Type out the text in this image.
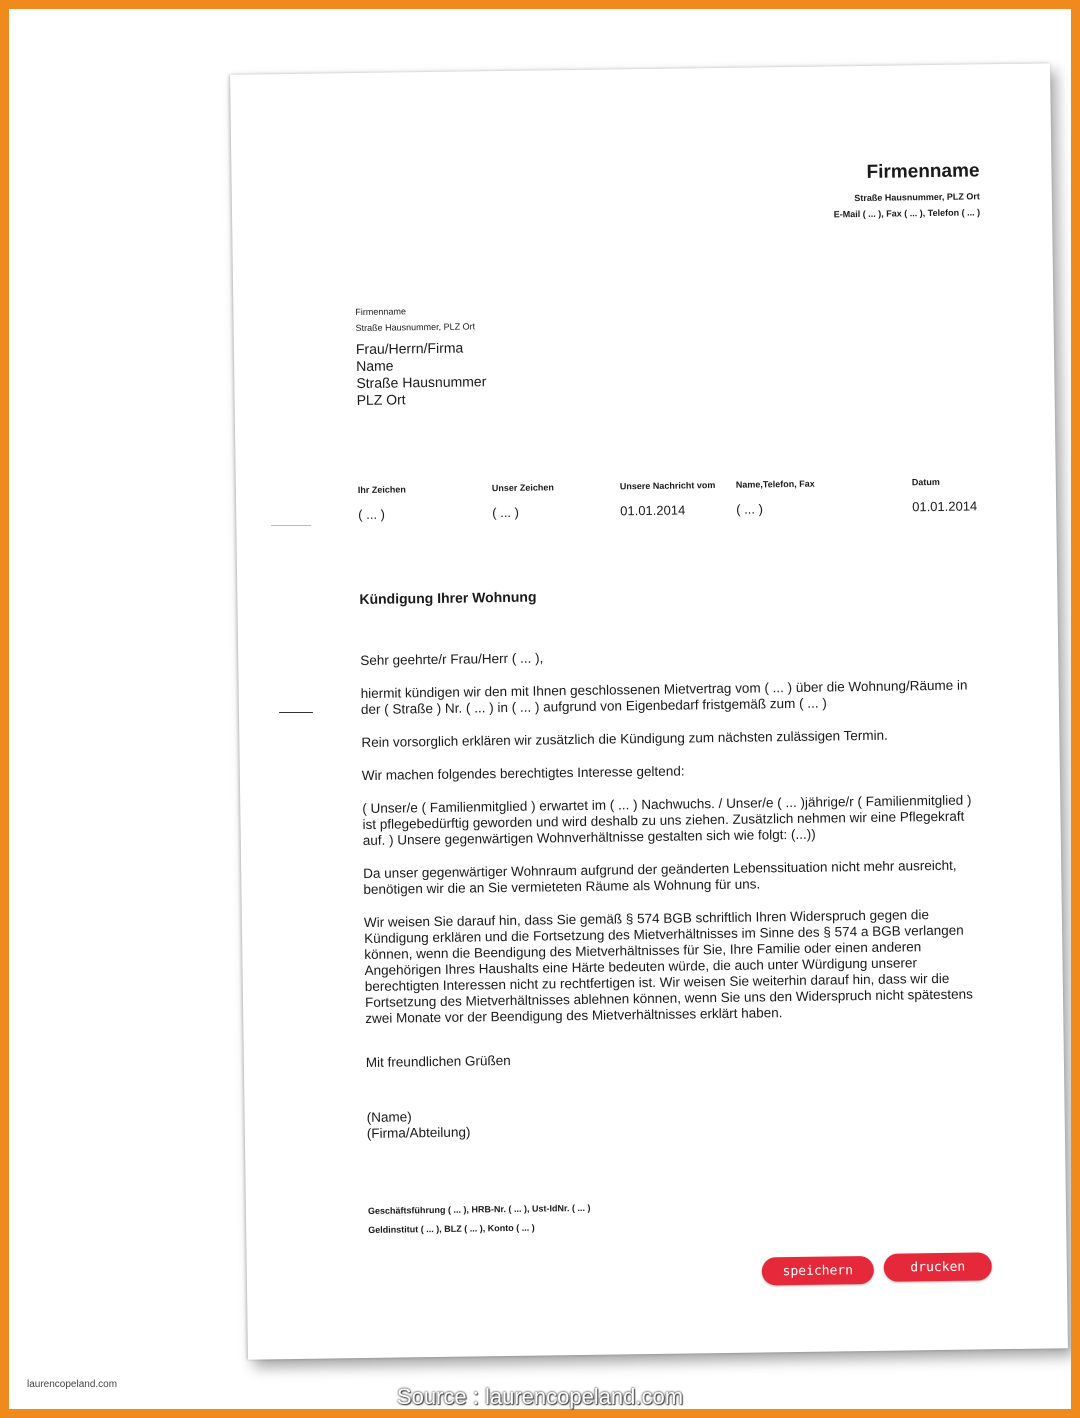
Firmenname
Straße Hausnummer, PLZ Ort
E-Mail ( ... ), Fax ( ... ), Telefon ( ... )
Firmenname
Straße Hausnummer, PLZ Ort
Frau/Herrn/Firma
Name
Straße Hausnummer
PLZ Ort
Ihr Zeichen
( ... )
Unser Zeichen
( ... )
Unsere Nachricht vom
01.01.2014
Name,Telefon, Fax
( ... )
Datum
01.01.2014
Kündigung Ihrer Wohnung

Sehr geehrte/r Frau/Herr ( ... ),

hiermit kündigen wir den mit Ihnen geschlossenen Mietvertrag vom ( ... ) über die Wohnung/Räume in der ( Straße ) Nr. ( ... ) in ( ... ) aufgrund von Eigenbedarf fristgemäß zum ( ... )

Rein vorsorglich erklären wir zusätzlich die Kündigung zum nächsten zulässigen Termin.

Wir machen folgendes berechtigtes Interesse geltend:

( Unser/e ( Familienmitglied ) erwartet im ( ... ) Nachwuchs. / Unser/e ( ... )jährige/r ( Familienmitglied ) ist pflegebedürftig geworden und wird deshalb zu uns ziehen. Zusätzlich nehmen wir eine Pflegekraft auf. ) Unsere gegenwärtigen Wohnverhältnisse gestalten sich wie folgt: (...))

Da unser gegenwärtiger Wohnraum aufgrund der geänderten Lebenssituation nicht mehr ausreicht, benötigen wir die an Sie vermieteten Räume als Wohnung für uns.

Wir weisen Sie darauf hin, dass Sie gemäß § 574 BGB schriftlich Ihren Widerspruch gegen die Kündigung erklären und die Fortsetzung des Mietverhältnisses im Sinne des § 574 a BGB verlangen können, wenn die Beendigung des Mietverhältnisses für Sie, Ihre Familie oder einen anderen Angehörigen Ihres Haushalts eine Härte bedeuten würde, die auch unter Würdigung unserer berechtigten Interessen nicht zu rechtfertigen ist. Wir weisen Sie weiterhin darauf hin, dass wir die Fortsetzung des Mietverhältnisses ablehnen können, wenn Sie uns den Widerspruch nicht spätestens zwei Monate vor der Beendigung des Mietverhältnisses erklärt haben.

Mit freundlichen Grüßen
(Name)
(Firma/Abteilung)
Geschäftsführung ( ... ), HRB-Nr. ( ... ), Ust-IdNr. ( ... )
Geldinstitut ( ... ), BLZ ( ... ), Konto ( ... )
speichern	drucken
laurencopeland.com	Source : laurencopeland.com
